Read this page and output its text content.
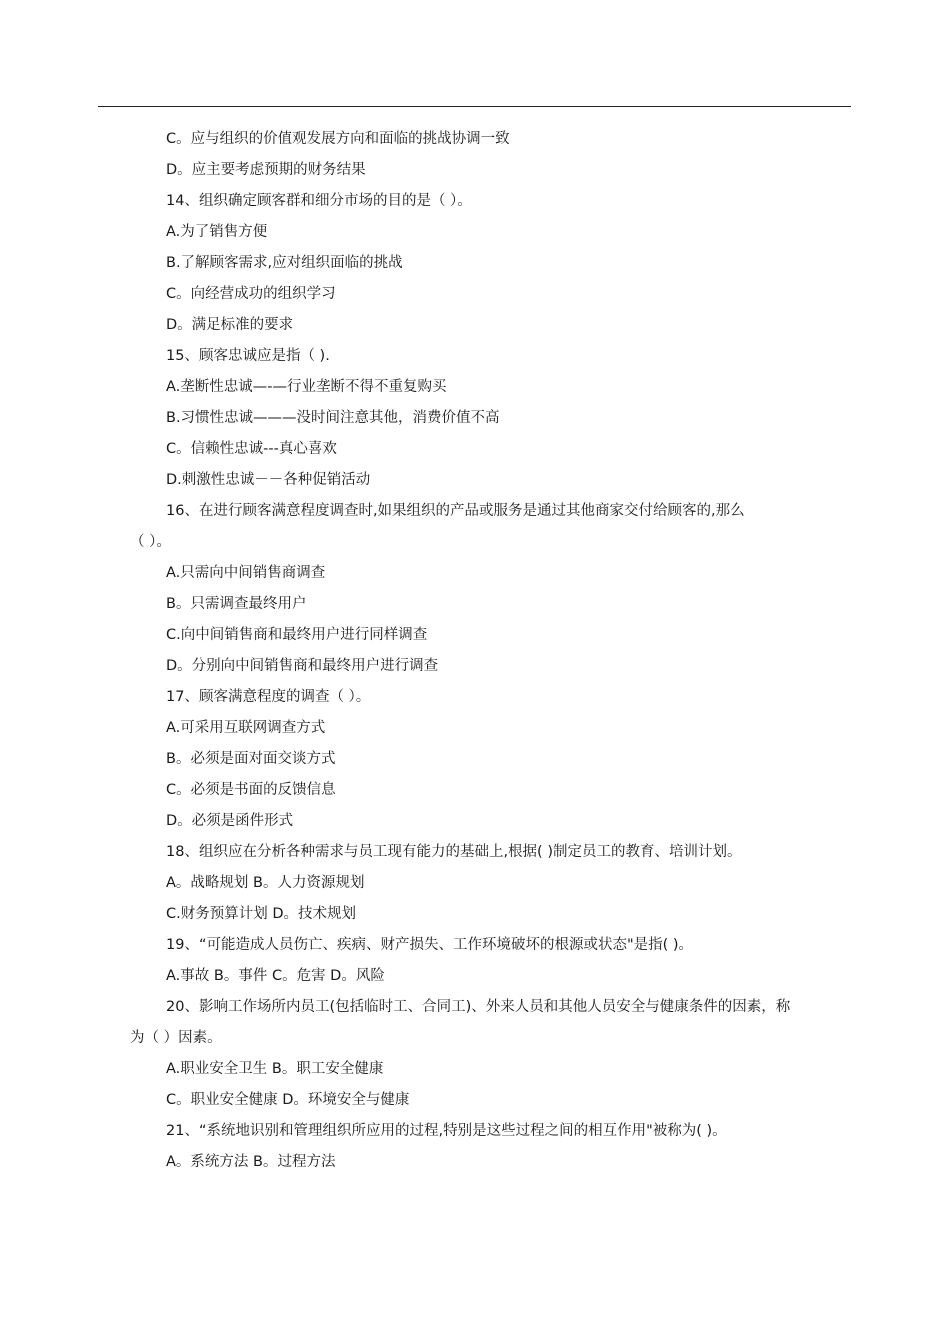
C。应与组织的价值观发展方向和面临的挑战协调一致
D。应主要考虑预期的财务结果
14、组织确定顾客群和细分市场的目的是（ ）。
A.为了销售方便
B.了解顾客需求,应对组织面临的挑战
C。向经营成功的组织学习
D。满足标准的要求
15、顾客忠诚应是指（ ).
A.垄断性忠诚—-—行业垄断不得不重复购买
B.习惯性忠诚———没时间注意其他，消费价值不高
C。信赖性忠诚---真心喜欢
D.刺激性忠诚－－各种促销活动
16、在进行顾客满意程度调查时,如果组织的产品或服务是通过其他商家交付给顾客的,那么
（ ）。
A.只需向中间销售商调查
B。只需调查最终用户
C.向中间销售商和最终用户进行同样调查
D。分别向中间销售商和最终用户进行调查
17、顾客满意程度的调查（ ）。
A.可采用互联网调查方式
B。必须是面对面交谈方式
C。必须是书面的反馈信息
D。必须是函件形式
18、组织应在分析各种需求与员工现有能力的基础上,根据( )制定员工的教育、培训计划。
A。战略规划 B。人力资源规划
C.财务预算计划 D。技术规划
19、“可能造成人员伤亡、疾病、财产损失、工作环境破坏的根源或状态"是指( )。
A.事故 B。事件 C。危害 D。风险
20、影响工作场所内员工(包括临时工、合同工)、外来人员和其他人员安全与健康条件的因素，称
为（ ）因素。
A.职业安全卫生 B。职工安全健康
C。职业安全健康 D。环境安全与健康
21、“系统地识别和管理组织所应用的过程,特别是这些过程之间的相互作用"被称为( )。
A。系统方法 B。过程方法
